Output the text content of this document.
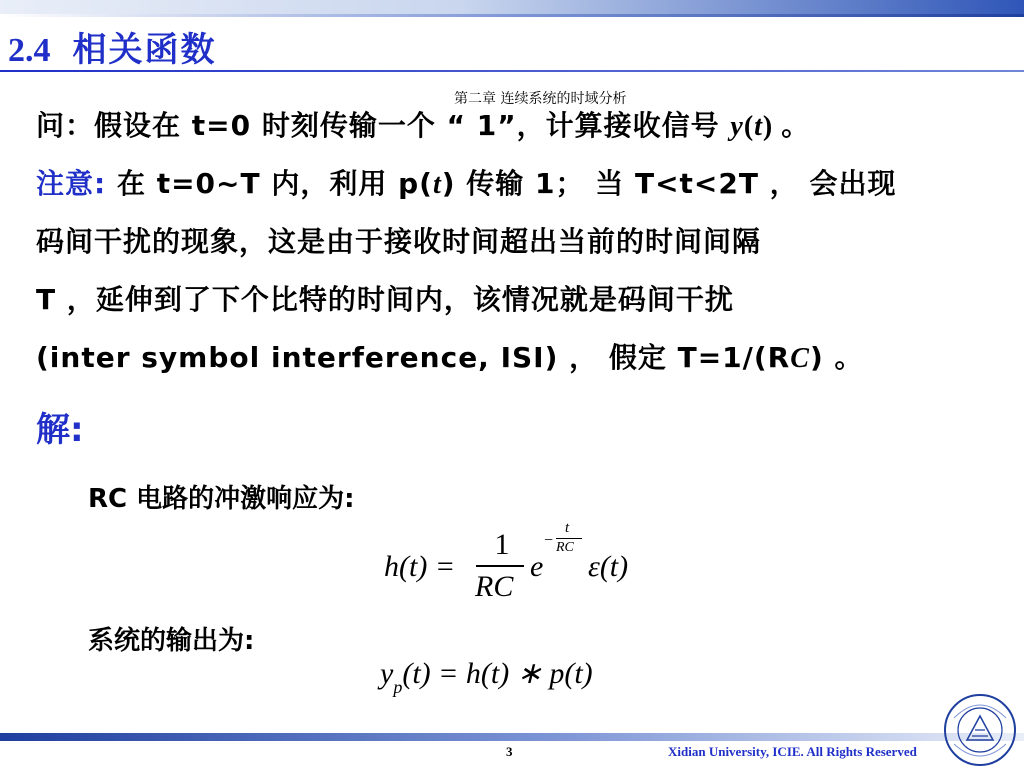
2.4 相关函数
第二章 连续系统的时域分析
问：假设在 t=0 时刻传输一个 “ 1”，计算接收信号 y(t) 。
注意: 在 t=0~T 内，利用 p(t) 传输 1； 当 T<t<2T ， 会出现
码间干扰的现象，这是由于接收时间超出当前的时间间隔
T ，延伸到了下个比特的时间内，该情况就是码间干扰
(inter symbol interference, ISI) ， 假定 T=1/(RC) 。
解:
RC 电路的冲激响应为:
h(t) =
1
RC
e
−
t
RC
ε(t)
系统的输出为:
yp(t) = h(t) ∗ p(t)
3	Xidian University, ICIE. All Rights Reserved
